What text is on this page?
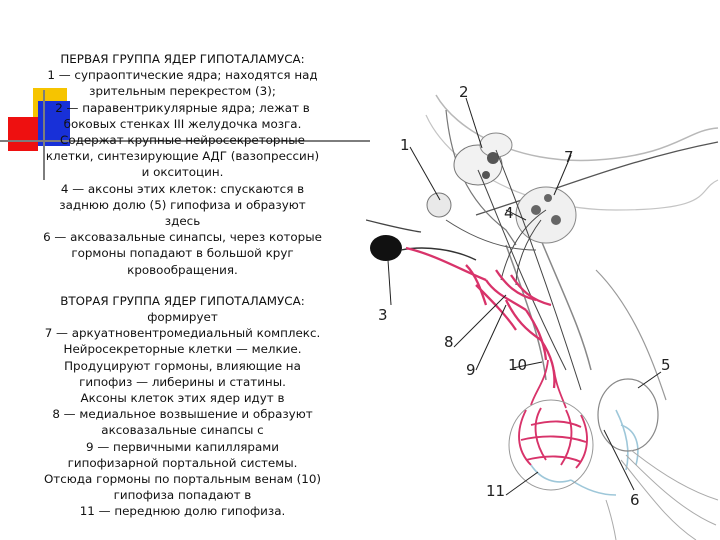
ПЕРВАЯ ГРУППА ЯДЕР ГИПОТАЛАМУСА:
1 — супраоптические ядра; находятся над
зрительным перекрестом (3);
2 — паравентрикулярные ядра; лежат в
боковых стенках III желудочка мозга.
Содержат крупные нейросекреторные
клетки, синтезирующие АДГ (вазопрессин)
и окситоцин.
4 — аксоны этих клеток: спускаются в
заднюю долю (5) гипофиза и образуют
здесь
6 — аксовазальные синапсы, через которые
гормоны попадают в большой круг
кровообращения.
ВТОРАЯ ГРУППА ЯДЕР ГИПОТАЛАМУСА:
формирует
7 — аркуатновентромедиальный комплекс.
Нейросекреторные клетки — мелкие.
Продуцируют гормоны, влияющие на
гипофиз — либерины и статины.
Аксоны клеток этих ядер идут в
8 — медиальное возвышение и образуют
аксовазальные синапсы с
9 — первичными капиллярами
гипофизарной портальной системы.
Отсюда гормоны по портальным венам (10)
гипофиза попадают в
11 — переднюю долю гипофиза.
1
2
3
4
5
6
7
8
9 10
11
